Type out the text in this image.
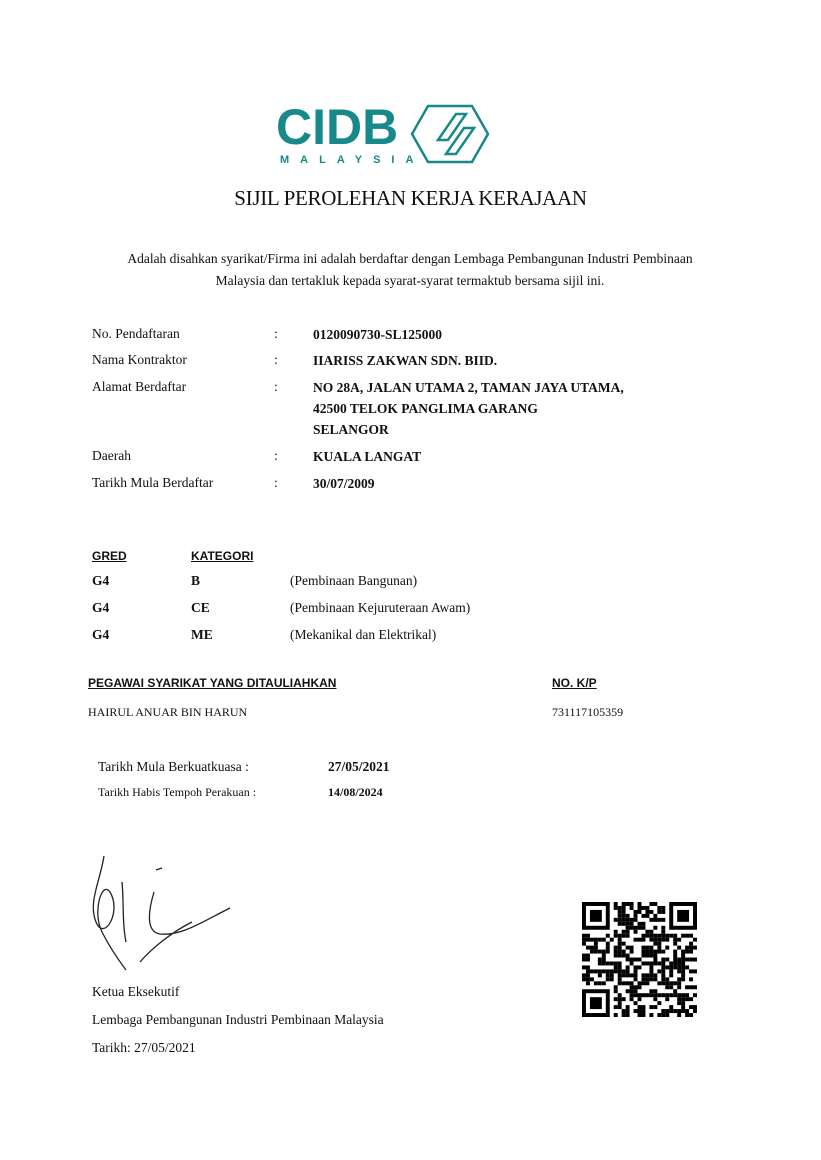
CIDB
MALAYSIA
SIJIL PEROLEHAN KERJA KERAJAAN
Adalah disahkan syarikat/Firma ini adalah berdaftar dengan Lembaga Pembangunan Industri Pembinaan
Malaysia dan tertakluk kepada syarat-syarat termaktub bersama sijil ini.
No. Pendaftaran	:	0120090730-SL125000
Nama Kontraktor	:	IIARISS ZAKWAN SDN. BIID.
Alamat Berdaftar	:	NO 28A, JALAN UTAMA 2, TAMAN JAYA UTAMA,
42500 TELOK PANGLIMA GARANG
SELANGOR
Daerah	:	KUALA LANGAT
Tarikh Mula Berdaftar	:	30/07/2009
GRED	KATEGORI
G4	B	(Pembinaan Bangunan)
G4	CE	(Pembinaan Kejuruteraan Awam)
G4	ME	(Mekanikal dan Elektrikal)
PEGAWAI SYARIKAT YANG DITAULIAHKAN	NO. K/P
HAIRUL ANUAR BIN HARUN	731117105359
Tarikh Mula Berkuatkuasa :	27/05/2021
Tarikh Habis Tempoh Perakuan :	14/08/2024
Ketua Eksekutif
Lembaga Pembangunan Industri Pembinaan Malaysia
Tarikh: 27/05/2021
